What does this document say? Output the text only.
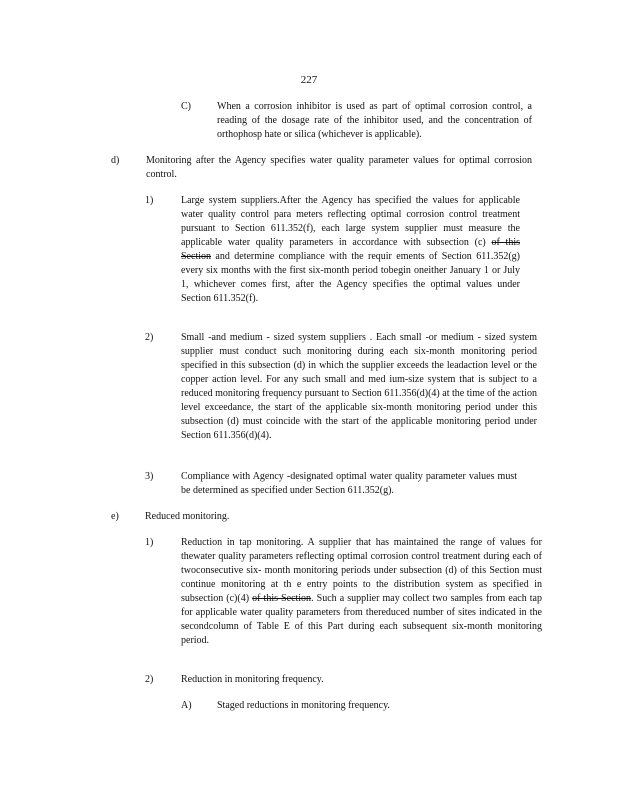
227
C)	When a corrosion inhibitor is used as part of optimal corrosion control, a reading of the dosage rate of the inhibitor used, and the concentration of orthophosp hate or silica (whichever is applicable).
d)	Monitoring after the Agency specifies water quality parameter values for optimal corrosion control.
1)	Large system suppliers.After the Agency has specified the values for applicable water quality control para meters reflecting optimal corrosion control treatment pursuant to Section 611.352(f), each large system supplier must measure the applicable water quality parameters in accordance with subsection (c) of this Section and determine compliance with the requir ements of Section 611.352(g) every six months with the first six-month period tobegin oneither January 1 or July 1, whichever comes first, after the Agency specifies the optimal values under Section 611.352(f).
2)	Small -and medium - sized system suppliers . Each small -or medium - sized system supplier must conduct such monitoring during each six-month monitoring period specified in this subsection (d) in which the supplier exceeds the leadaction level or the copper action level. For any such small and med ium-size system that is subject to a reduced monitoring frequency pursuant to Section 611.356(d)(4) at the time of the action level exceedance, the start of the applicable six-month monitoring period under this subsection (d) must coincide with the start of the applicable monitoring period under Section 611.356(d)(4).
3)	Compliance with Agency -designated optimal water quality parameter values must be determined as specified under Section 611.352(g).
e)	Reduced monitoring.
1)	Reduction in tap monitoring. A supplier that has maintained the range of values for thewater quality parameters reflecting optimal corrosion control treatment during each of twoconsecutive six- month monitoring periods under subsection (d) of this Section must continue monitoring at th e entry points to the distribution system as specified in subsection (c)(4) of this Section. Such a supplier may collect two samples from each tap for applicable water quality parameters from thereduced number of sites indicated in the secondcolumn of Table E of this Part during each subsequent six-month monitoring period.
2)	Reduction in monitoring frequency.
A)	Staged reductions in monitoring frequency.
